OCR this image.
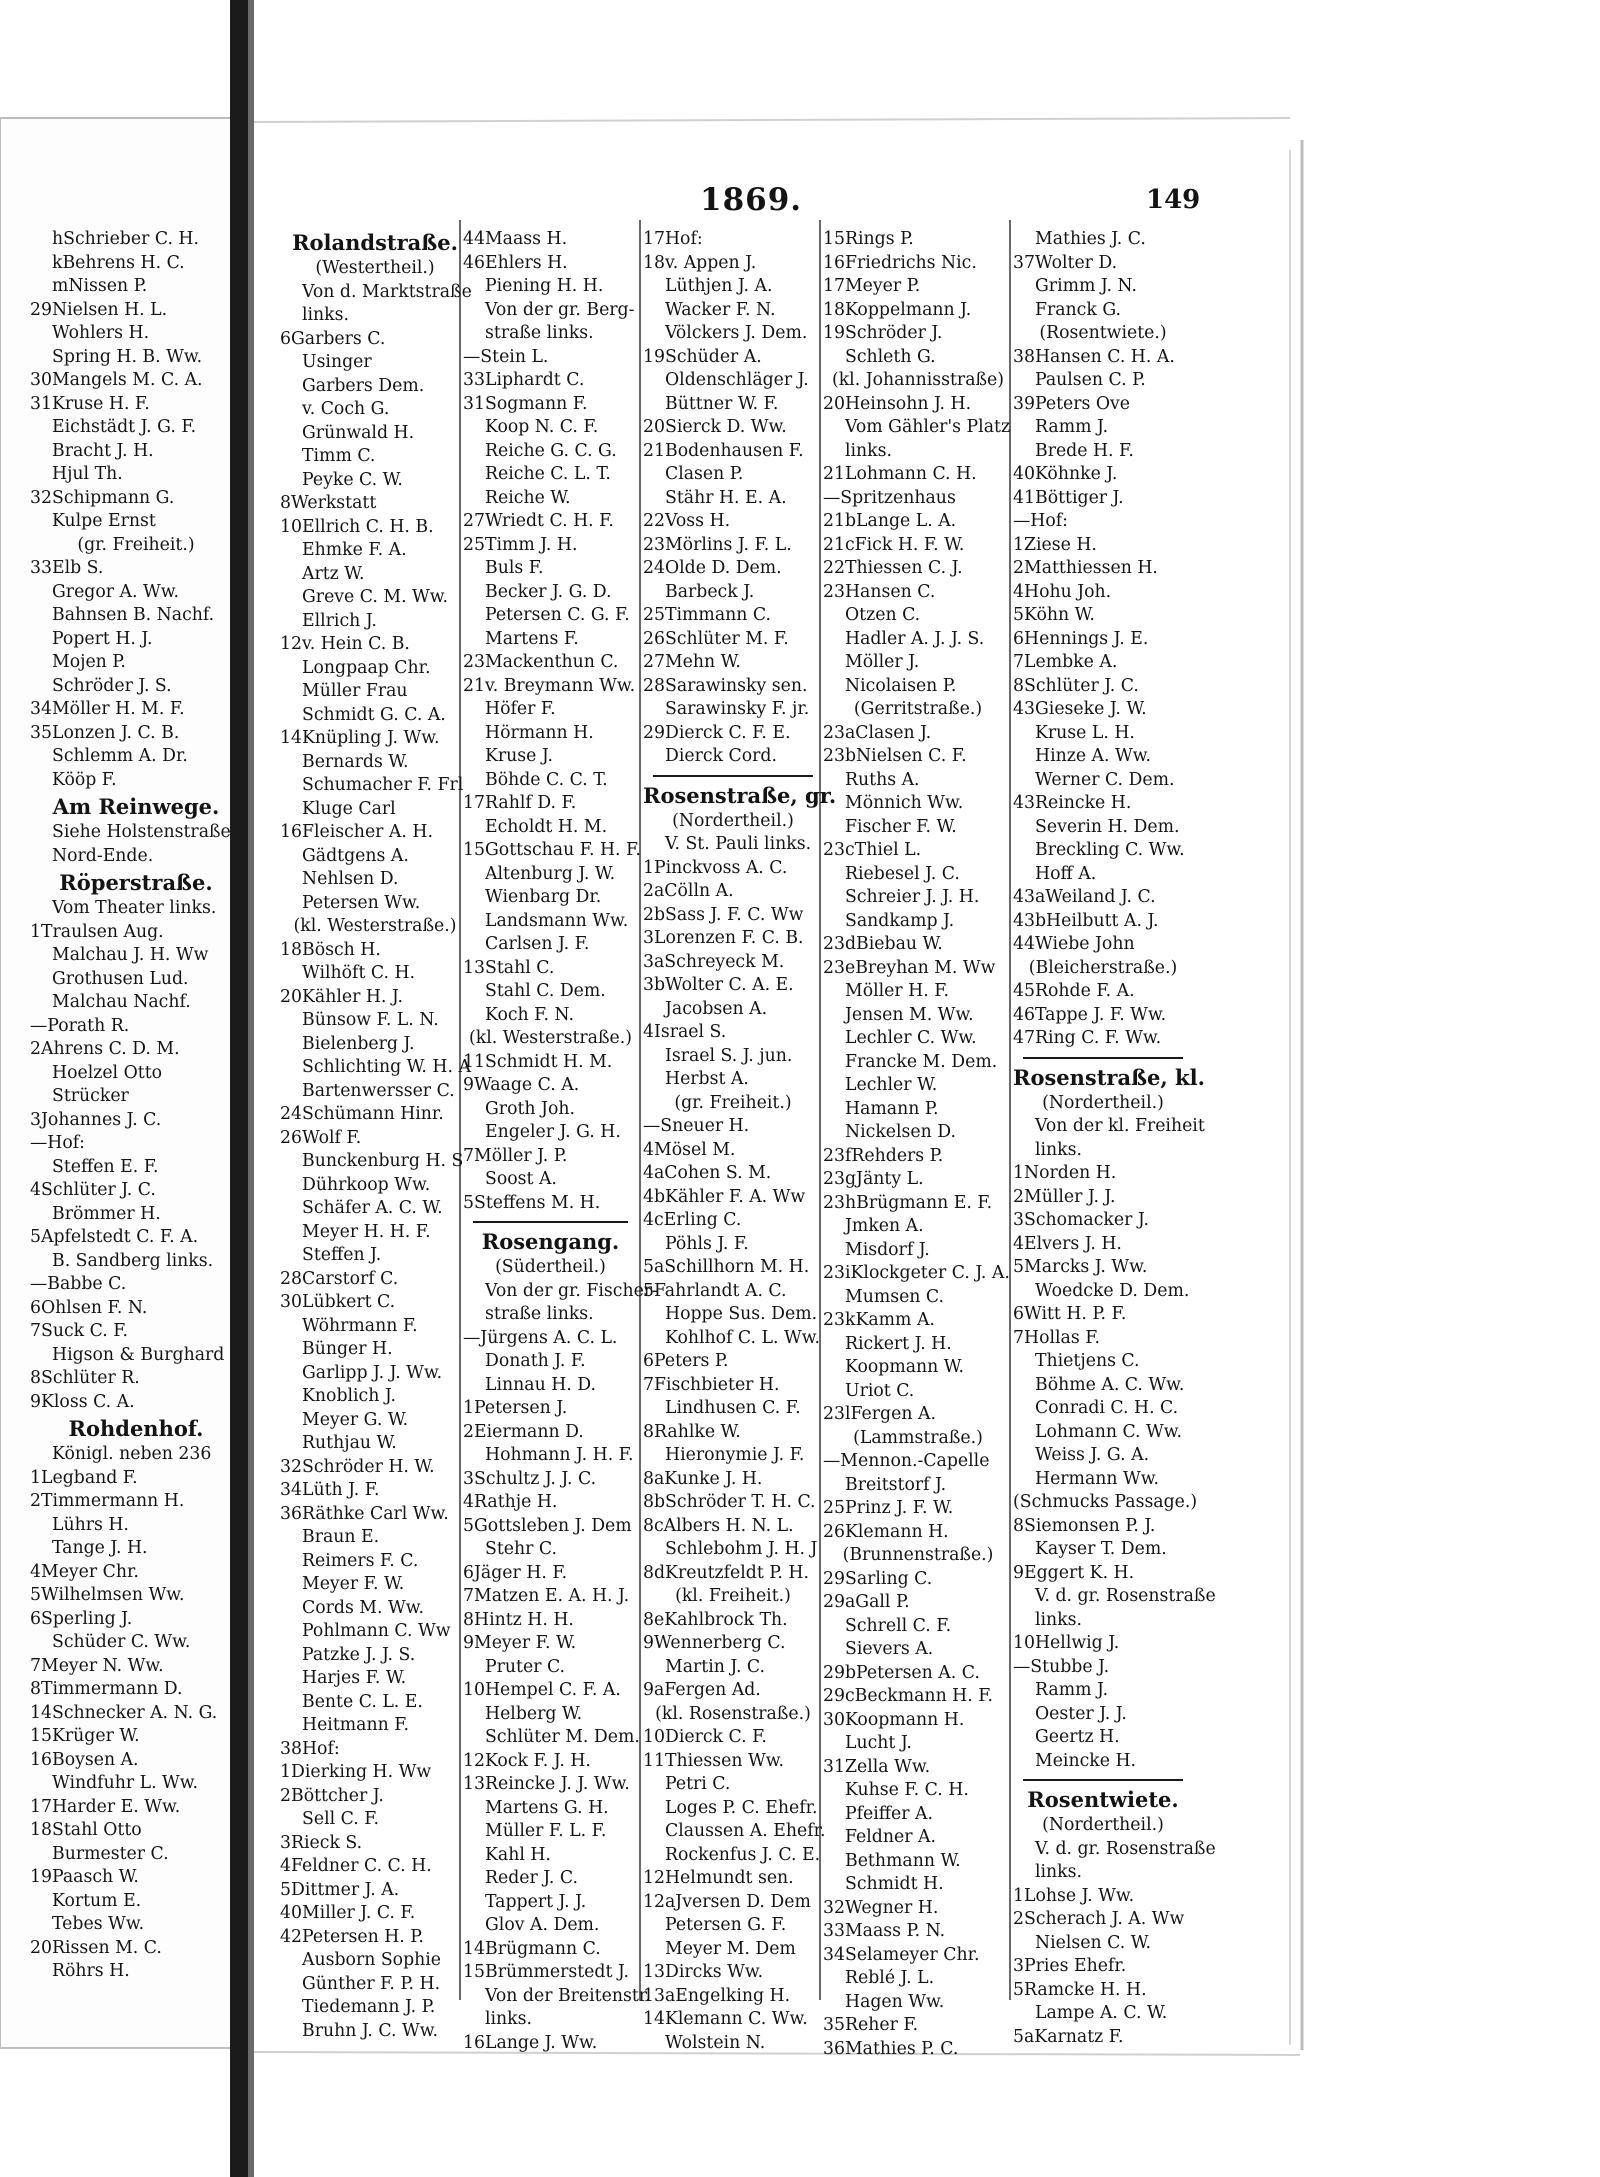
1869.	149
hSchrieber C. H.
kBehrens H. C.
mNissen P.
29Nielsen H. L.
Wohlers H.
Spring H. B. Ww.
30Mangels M. C. A.
31Kruse H. F.
Eichstädt J. G. F.
Bracht J. H.
Hjul Th.
32Schipmann G.
Kulpe Ernst
(gr. Freiheit.)
33Elb S.
Gregor A. Ww.
Bahnsen B. Nachf.
Popert H. J.
Mojen P.
Schröder J. S.
34Möller H. M. F.
35Lonzen J. C. B.
Schlemm A. Dr.
Kööp F.
Am Reinwege.
Siehe Holstenstraße
Nord-Ende.
Röperstraße.
Vom Theater links.
1Traulsen Aug.
Malchau J. H. Ww
Grothusen Lud.
Malchau Nachf.
—Porath R.
2Ahrens C. D. M.
Hoelzel Otto
Strücker
3Johannes J. C.
—Hof:
Steffen E. F.
4Schlüter J. C.
Brömmer H.
5Apfelstedt C. F. A.
B. Sandberg links.
—Babbe C.
6Ohlsen F. N.
7Suck C. F.
Higson & Burghard
8Schlüter R.
9Kloss C. A.
Rohdenhof.
Königl. neben 236
1Legband F.
2Timmermann H.
Lührs H.
Tange J. H.
4Meyer Chr.
5Wilhelmsen Ww.
6Sperling J.
Schüder C. Ww.
7Meyer N. Ww.
8Timmermann D.
14Schnecker A. N. G.
15Krüger W.
16Boysen A.
Windfuhr L. Ww.
17Harder E. Ww.
18Stahl Otto
Burmester C.
19Paasch W.
Kortum E.
Tebes Ww.
20Rissen M. C.
Röhrs H.
Rolandstraße.
(Westertheil.)
Von d. Marktstraße
links.
6Garbers C.
Usinger
Garbers Dem.
v. Coch G.
Grünwald H.
Timm C.
Peyke C. W.
8Werkstatt
10Ellrich C. H. B.
Ehmke F. A.
Artz W.
Greve C. M. Ww.
Ellrich J.
12v. Hein C. B.
Longpaap Chr.
Müller Frau
Schmidt G. C. A.
14Knüpling J. Ww.
Bernards W.
Schumacher F. Frl
Kluge Carl
16Fleischer A. H.
Gädtgens A.
Nehlsen D.
Petersen Ww.
(kl. Westerstraße.)
18Bösch H.
Wilhöft C. H.
20Kähler H. J.
Bünsow F. L. N.
Bielenberg J.
Schlichting W. H. A
Bartenwersser C.
24Schümann Hinr.
26Wolf F.
Bunckenburg H. S
Dührkoop Ww.
Schäfer A. C. W.
Meyer H. H. F.
Steffen J.
28Carstorf C.
30Lübkert C.
Wöhrmann F.
Bünger H.
Garlipp J. J. Ww.
Knoblich J.
Meyer G. W.
Ruthjau W.
32Schröder H. W.
34Lüth J. F.
36Räthke Carl Ww.
Braun E.
Reimers F. C.
Meyer F. W.
Cords M. Ww.
Pohlmann C. Ww
Patzke J. J. S.
Harjes F. W.
Bente C. L. E.
Heitmann F.
38Hof:
1Dierking H. Ww
2Böttcher J.
Sell C. F.
3Rieck S.
4Feldner C. C. H.
5Dittmer J. A.
40Miller J. C. F.
42Petersen H. P.
Ausborn Sophie
Günther F. P. H.
Tiedemann J. P.
Bruhn J. C. Ww.
44Maass H.
46Ehlers H.
Piening H. H.
Von der gr. Berg-
straße links.
—Stein L.
33Liphardt C.
31Sogmann F.
Koop N. C. F.
Reiche G. C. G.
Reiche C. L. T.
Reiche W.
27Wriedt C. H. F.
25Timm J. H.
Buls F.
Becker J. G. D.
Petersen C. G. F.
Martens F.
23Mackenthun C.
21v. Breymann Ww.
Höfer F.
Hörmann H.
Kruse J.
Böhde C. C. T.
17Rahlf D. F.
Echoldt H. M.
15Gottschau F. H. F.
Altenburg J. W.
Wienbarg Dr.
Landsmann Ww.
Carlsen J. F.
13Stahl C.
Stahl C. Dem.
Koch F. N.
(kl. Westerstraße.)
11Schmidt H. M.
9Waage C. A.
Groth Joh.
Engeler J. G. H.
7Möller J. P.
Soost A.
5Steffens M. H.
Rosengang.
(Südertheil.)
Von der gr. Fischer-
straße links.
—Jürgens A. C. L.
Donath J. F.
Linnau H. D.
1Petersen J.
2Eiermann D.
Hohmann J. H. F.
3Schultz J. J. C.
4Rathje H.
5Gottsleben J. Dem
Stehr C.
6Jäger H. F.
7Matzen E. A. H. J.
8Hintz H. H.
9Meyer F. W.
Pruter C.
10Hempel C. F. A.
Helberg W.
Schlüter M. Dem.
12Kock F. J. H.
13Reincke J. J. Ww.
Martens G. H.
Müller F. L. F.
Kahl H.
Reder J. C.
Tappert J. J.
Glov A. Dem.
14Brügmann C.
15Brümmerstedt J.
Von der Breitenstr.
links.
16Lange J. Ww.
17Hof:
18v. Appen J.
Lüthjen J. A.
Wacker F. N.
Völckers J. Dem.
19Schüder A.
Oldenschläger J.
Büttner W. F.
20Sierck D. Ww.
21Bodenhausen F.
Clasen P.
Stähr H. E. A.
22Voss H.
23Mörlins J. F. L.
24Olde D. Dem.
Barbeck J.
25Timmann C.
26Schlüter M. F.
27Mehn W.
28Sarawinsky sen.
Sarawinsky F. jr.
29Dierck C. F. E.
Dierck Cord.
Rosenstraße, gr.
(Nordertheil.)
V. St. Pauli links.
1Pinckvoss A. C.
2aCölln A.
2bSass J. F. C. Ww
3Lorenzen F. C. B.
3aSchreyeck M.
3bWolter C. A. E.
Jacobsen A.
4Israel S.
Israel S. J. jun.
Herbst A.
(gr. Freiheit.)
—Sneuer H.
4Mösel M.
4aCohen S. M.
4bKähler F. A. Ww
4cErling C.
Pöhls J. F.
5aSchillhorn M. H.
5Fahrlandt A. C.
Hoppe Sus. Dem.
Kohlhof C. L. Ww.
6Peters P.
7Fischbieter H.
Lindhusen C. F.
8Rahlke W.
Hieronymie J. F.
8aKunke J. H.
8bSchröder T. H. C.
8cAlbers H. N. L.
Schlebohm J. H. J
8dKreutzfeldt P. H.
(kl. Freiheit.)
8eKahlbrock Th.
9Wennerberg C.
Martin J. C.
9aFergen Ad.
(kl. Rosenstraße.)
10Dierck C. F.
11Thiessen Ww.
Petri C.
Loges P. C. Ehefr.
Claussen A. Ehefr.
Rockenfus J. C. E.
12Helmundt sen.
12aJversen D. Dem
Petersen G. F.
Meyer M. Dem
13Dircks Ww.
13aEngelking H.
14Klemann C. Ww.
Wolstein N.
15Rings P.
16Friedrichs Nic.
17Meyer P.
18Koppelmann J.
19Schröder J.
Schleth G.
(kl. Johannisstraße)
20Heinsohn J. H.
Vom Gähler's Platz
links.
21Lohmann C. H.
—Spritzenhaus
21bLange L. A.
21cFick H. F. W.
22Thiessen C. J.
23Hansen C.
Otzen C.
Hadler A. J. J. S.
Möller J.
Nicolaisen P.
(Gerritstraße.)
23aClasen J.
23bNielsen C. F.
Ruths A.
Mönnich Ww.
Fischer F. W.
23cThiel L.
Riebesel J. C.
Schreier J. J. H.
Sandkamp J.
23dBiebau W.
23eBreyhan M. Ww
Möller H. F.
Jensen M. Ww.
Lechler C. Ww.
Francke M. Dem.
Lechler W.
Hamann P.
Nickelsen D.
23fRehders P.
23gJänty L.
23hBrügmann E. F.
Jmken A.
Misdorf J.
23iKlockgeter C. J. A.
Mumsen C.
23kKamm A.
Rickert J. H.
Koopmann W.
Uriot C.
23lFergen A.
(Lammstraße.)
—Mennon.-Capelle
Breitstorf J.
25Prinz J. F. W.
26Klemann H.
(Brunnenstraße.)
29Sarling C.
29aGall P.
Schrell C. F.
Sievers A.
29bPetersen A. C.
29cBeckmann H. F.
30Koopmann H.
Lucht J.
31Zella Ww.
Kuhse F. C. H.
Pfeiffer A.
Feldner A.
Bethmann W.
Schmidt H.
32Wegner H.
33Maass P. N.
34Selameyer Chr.
Reblé J. L.
Hagen Ww.
35Reher F.
36Mathies P. C.
Mathies J. C.
37Wolter D.
Grimm J. N.
Franck G.
(Rosentwiete.)
38Hansen C. H. A.
Paulsen C. P.
39Peters Ove
Ramm J.
Brede H. F.
40Köhnke J.
41Böttiger J.
—Hof:
1Ziese H.
2Matthiessen H.
4Hohu Joh.
5Köhn W.
6Hennings J. E.
7Lembke A.
8Schlüter J. C.
43Gieseke J. W.
Kruse L. H.
Hinze A. Ww.
Werner C. Dem.
43Reincke H.
Severin H. Dem.
Breckling C. Ww.
Hoff A.
43aWeiland J. C.
43bHeilbutt A. J.
44Wiebe John
(Bleicherstraße.)
45Rohde F. A.
46Tappe J. F. Ww.
47Ring C. F. Ww.
Rosenstraße, kl.
(Nordertheil.)
Von der kl. Freiheit
links.
1Norden H.
2Müller J. J.
3Schomacker J.
4Elvers J. H.
5Marcks J. Ww.
Woedcke D. Dem.
6Witt H. P. F.
7Hollas F.
Thietjens C.
Böhme A. C. Ww.
Conradi C. H. C.
Lohmann C. Ww.
Weiss J. G. A.
Hermann Ww.
(Schmucks Passage.)
8Siemonsen P. J.
Kayser T. Dem.
9Eggert K. H.
V. d. gr. Rosenstraße
links.
10Hellwig J.
—Stubbe J.
Ramm J.
Oester J. J.
Geertz H.
Meincke H.
Rosentwiete.
(Nordertheil.)
V. d. gr. Rosenstraße
links.
1Lohse J. Ww.
2Scherach J. A. Ww
Nielsen C. W.
3Pries Ehefr.
5Ramcke H. H.
Lampe A. C. W.
5aKarnatz F.
